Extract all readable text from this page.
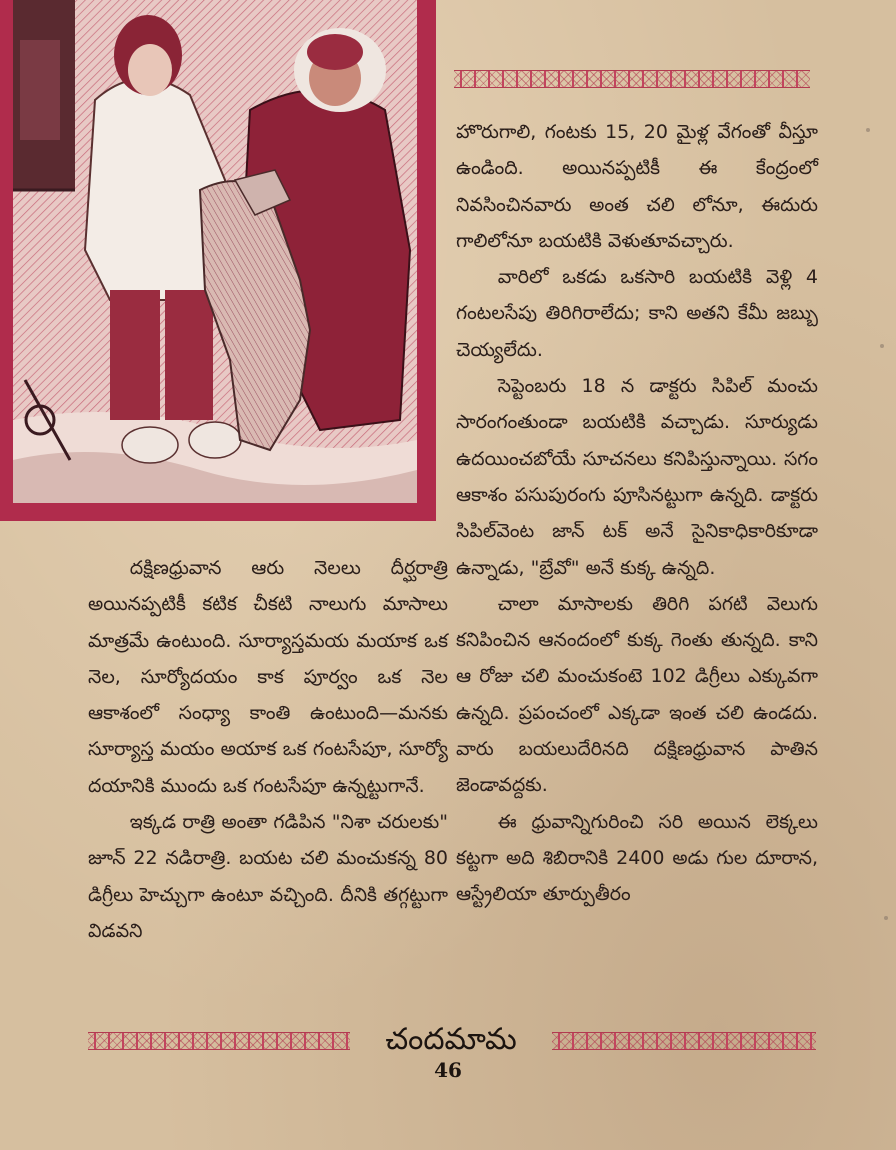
హొరుగాలి, గంటకు 15, 20 మైళ్ల వేగంతో వీస్తూ ఉండింది. అయినప్పటికీ ఈ కేంద్రంలో నివసించినవారు అంత చలి లోనూ, ఈదురు గాలిలోనూ బయటికి వెళుతూవచ్చారు.

వారిలో ఒకడు ఒకసారి బయటికి వెళ్లి 4 గంటలసేపు తిరిగిరాలేదు; కాని అతని కేమీ జబ్బు చెయ్యలేదు.

సెప్టెంబరు 18 న డాక్టరు సిపిల్ మంచు సారంగంతుండా బయటికి వచ్చాడు. సూర్యుడు ఉదయించబోయే సూచనలు కనిపిస్తున్నాయి. సగం ఆకాశం పసుపురంగు పూసినట్టుగా ఉన్నది. డాక్టరు సిపిల్‌వెంట జాన్ టక్ అనే సైనికాధికారికూడా ఉన్నాడు, "బ్రేవో" అనే కుక్క ఉన్నది.

చాలా మాసాలకు తిరిగి పగటి వెలుగు కనిపించిన ఆనందంలో కుక్క గెంతు తున్నది. కాని ఆ రోజు చలి మంచుకంటె 102 డిగ్రీలు ఎక్కువగా ఉన్నది. ప్రపంచంలో ఎక్కడా ఇంత చలి ఉండదు. వారు బయలుదేరినది దక్షిణధ్రువాన పాతిన జెండావద్దకు.

ఈ ధ్రువాన్నిగురించి సరి అయిన లెక్కలు కట్టగా అది శిబిరానికి 2400 అడు గుల దూరాన, ఆస్ట్రేలియా తూర్పుతీరం

దక్షిణధ్రువాన ఆరు నెలలు దీర్ఘరాత్రి అయినప్పటికీ కటిక చీకటి నాలుగు మాసాలు మాత్రమే ఉంటుంది. సూర్యాస్తమయ మయాక ఒక నెల, సూర్యోదయం కాక పూర్వం ఒక నెల ఆకాశంలో సంధ్యా కాంతి ఉంటుంది—మనకు సూర్యాస్త మయం అయాక ఒక గంటసేపూ, సూర్యో దయానికి ముందు ఒక గంటసేపూ ఉన్నట్టుగానే.

ఇక్కడ రాత్రి అంతా గడిపిన "నిశా చరులకు" జూన్ 22 నడిరాత్రి. బయట చలి మంచుకన్న 80 డిగ్రీలు హెచ్చుగా ఉంటూ వచ్చింది. దీనికి తగ్గట్టుగా విడవని

చందమామ
46
